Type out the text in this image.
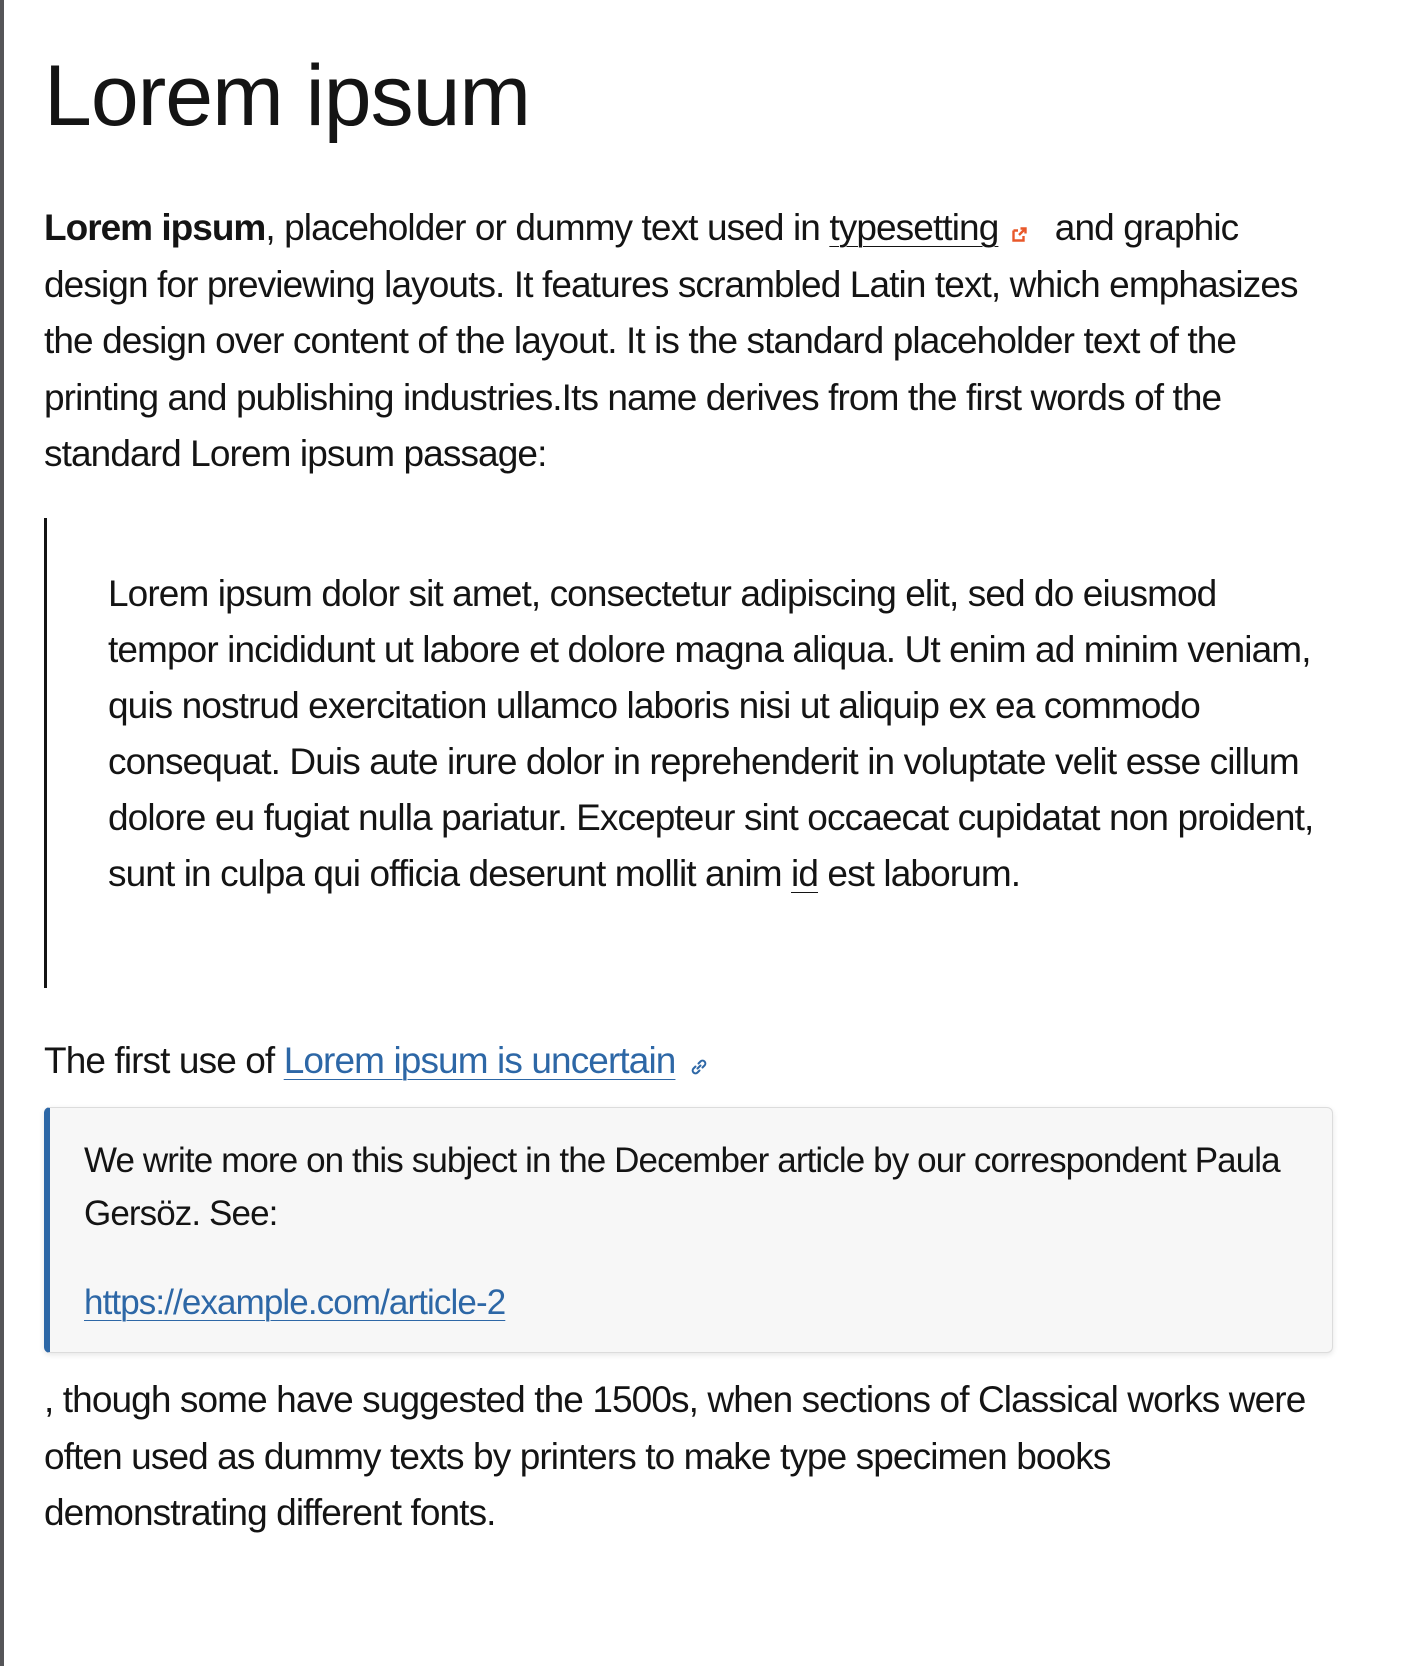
Lorem ipsum

Lorem ipsum, placeholder or dummy text used in typesetting and graphic design for previewing layouts. It features scrambled Latin text, which emphasizes the design over content of the layout. It is the standard placeholder text of the printing and publishing industries.Its name derives from the first words of the standard Lorem ipsum passage:

Lorem ipsum dolor sit amet, consectetur adipiscing elit, sed do eiusmod tempor incididunt ut labore et dolore magna aliqua. Ut enim ad minim veniam, quis nostrud exercitation ullamco laboris nisi ut aliquip ex ea commodo consequat. Duis aute irure dolor in reprehenderit in voluptate velit esse cillum dolore eu fugiat nulla pariatur. Excepteur sint occaecat cupidatat non proident, sunt in culpa qui officia deserunt mollit anim id est laborum.

The first use of Lorem ipsum is uncertain

We write more on this subject in the December article by our correspondent Paula Gersöz. See:

https://example.com/article-2

, though some have suggested the 1500s, when sections of Classical works were often used as dummy texts by printers to make type specimen books demonstrating different fonts.
